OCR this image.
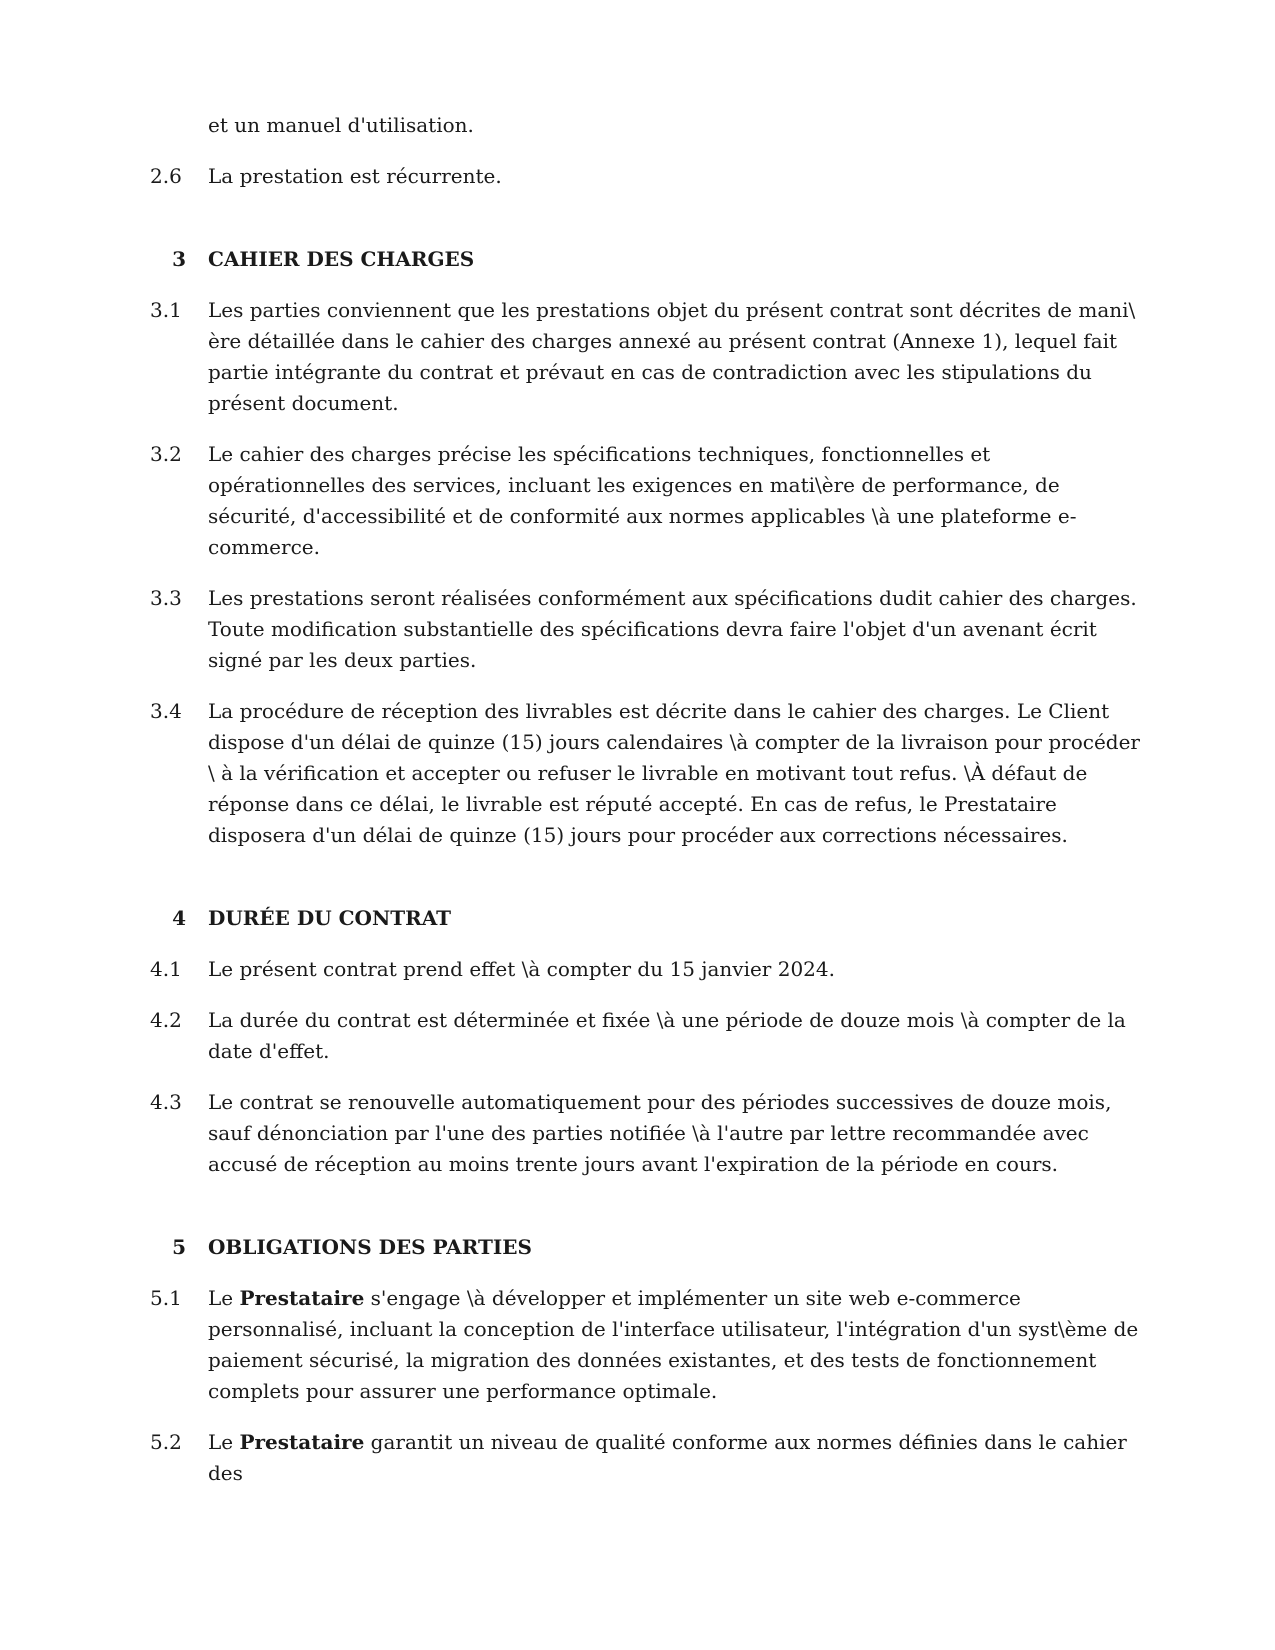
et un manuel d'utilisation.
2.6	La prestation est récurrente.
3	CAHIER DES CHARGES
3.1	Les parties conviennent que les prestations objet du présent contrat sont décrites de mani\ ère détaillée dans le cahier des charges annexé au présent contrat (Annexe 1), lequel fait partie intégrante du contrat et prévaut en cas de contradiction avec les stipulations du présent document.
3.2	Le cahier des charges précise les spécifications techniques, fonctionnelles et opérationnelles des services, incluant les exigences en mati\ère de performance, de sécurité, d'accessibilité et de conformité aux normes applicables \à une plateforme e-commerce.
3.3	Les prestations seront réalisées conformément aux spécifications dudit cahier des charges. Toute modification substantielle des spécifications devra faire l'objet d'un avenant écrit signé par les deux parties.
3.4	La procédure de réception des livrables est décrite dans le cahier des charges. Le Client dispose d'un délai de quinze (15) jours calendaires \à compter de la livraison pour procéder \ à la vérification et accepter ou refuser le livrable en motivant tout refus. \À défaut de réponse dans ce délai, le livrable est réputé accepté. En cas de refus, le Prestataire disposera d'un délai de quinze (15) jours pour procéder aux corrections nécessaires.
4	DURÉE DU CONTRAT
4.1	Le présent contrat prend effet \à compter du 15 janvier 2024.
4.2	La durée du contrat est déterminée et fixée \à une période de douze mois \à compter de la date d'effet.
4.3	Le contrat se renouvelle automatiquement pour des périodes successives de douze mois, sauf dénonciation par l'une des parties notifiée \à l'autre par lettre recommandée avec accusé de réception au moins trente jours avant l'expiration de la période en cours.
5	OBLIGATIONS DES PARTIES
5.1	Le Prestataire s'engage \à développer et implémenter un site web e-commerce personnalisé, incluant la conception de l'interface utilisateur, l'intégration d'un syst\ème de paiement sécurisé, la migration des données existantes, et des tests de fonctionnement complets pour assurer une performance optimale.
5.2	Le Prestataire garantit un niveau de qualité conforme aux normes définies dans le cahier des
